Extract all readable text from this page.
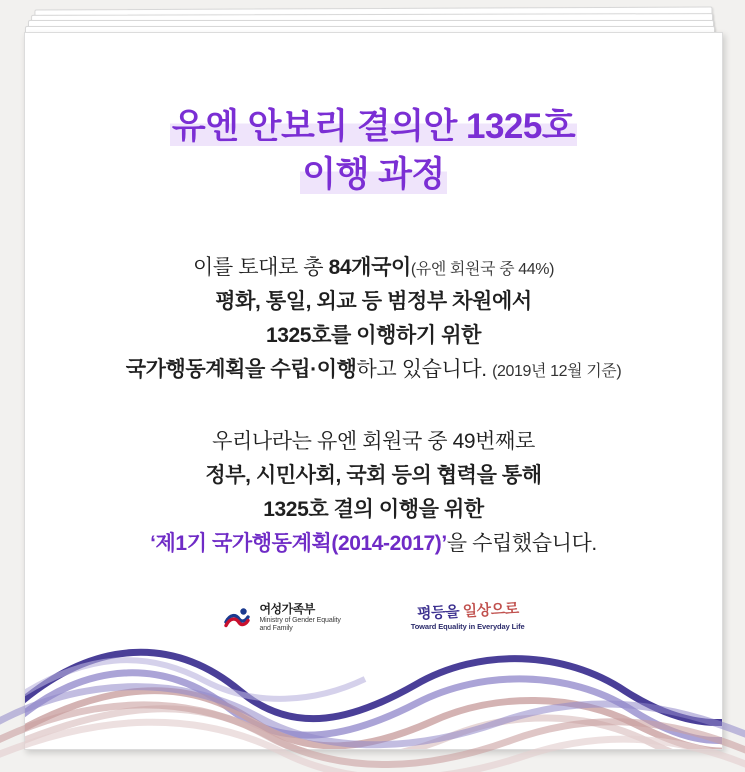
유엔 안보리 결의안 1325호
이행 과정
이를 토대로 총 84개국이(유엔 회원국 중 44%)
평화, 통일, 외교 등 범정부 차원에서
1325호를 이행하기 위한
국가행동계획을 수립·이행하고 있습니다. (2019년 12월 기준)
우리나라는 유엔 회원국 중 49번째로
정부, 시민사회, 국회 등의 협력을 통해
1325호 결의 이행을 위한
‘제1기 국가행동계획(2014-2017)’을 수립했습니다.
여성가족부
Ministry of Gender Equality
and Family
평등을 일상으로
Toward Equality in Everyday Life
